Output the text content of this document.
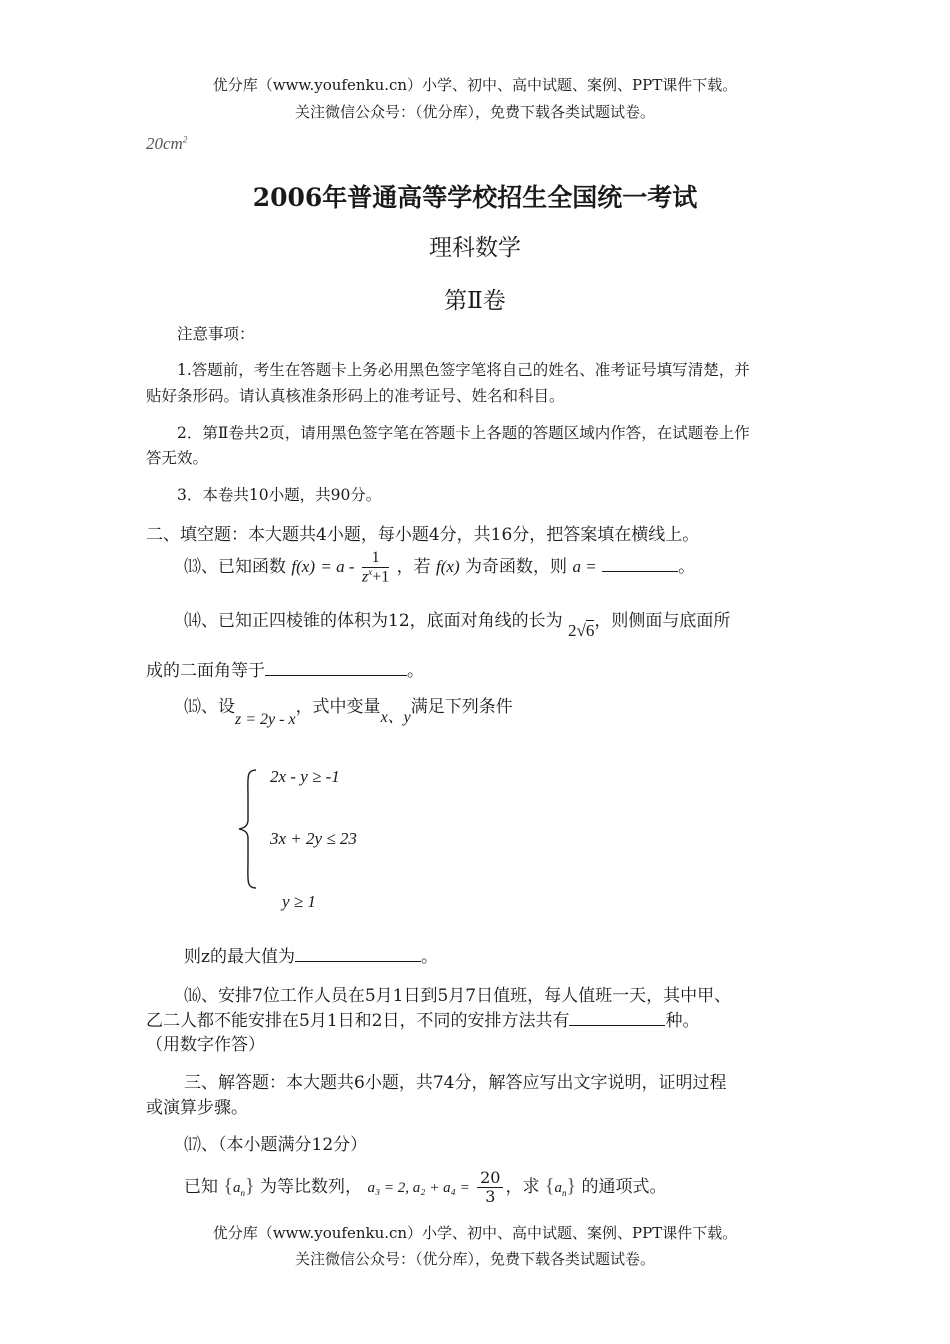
优分库（www.youfenku.cn）小学、初中、高中试题、案例、PPT课件下载。
关注微信公众号：（优分库），免费下载各类试题试卷。
$20cm^2$
2006年普通高等学校招生全国统一考试
理科数学
第Ⅱ卷
注意事项：
1.答题前，考生在答题卡上务必用黑色签字笔将自己的姓名、准考证号填写清楚，并
贴好条形码。请认真核准条形码上的准考证号、姓名和科目。
2．第Ⅱ卷共2页，请用黑色签字笔在答题卡上各题的答题区域内作答，在试题卷上作
答无效。
3．本卷共10小题，共90分。
二、填空题：本大题共4小题，每小题4分，共16分，把答案填在横线上。
⒀、已知函数 $f(x) = a - \frac{1}{z^x+1}$ ，若 f(x) 为奇函数，则 a =	。
⒁、已知正四棱锥的体积为12，底面对角线的长为 2√6，则侧面与底面所
成的二面角等于	。
⒂、设z = 2y - x，式中变量x、y满足下列条件
2x - y ≥ -1
3x + 2y ≤ 23
y ≥ 1
则z的最大值为	。
⒃、安排7位工作人员在5月1日到5月7日值班，每人值班一天，其中甲、
乙二人都不能安排在5月1日和2日，不同的安排方法共有	种。
（用数字作答）
三、解答题：本大题共6小题，共74分，解答应写出文字说明，证明过程
或演算步骤。
⒄、（本小题满分12分）
已知 $\{a_n\}$ 为等比数列， a₃ = 2, $a_2 + a_4 = \frac{20}{3}$ ，求 $\{a_n\}$ 的通项式。
优分库（www.youfenku.cn）小学、初中、高中试题、案例、PPT课件下载。
关注微信公众号：（优分库），免费下载各类试题试卷。
